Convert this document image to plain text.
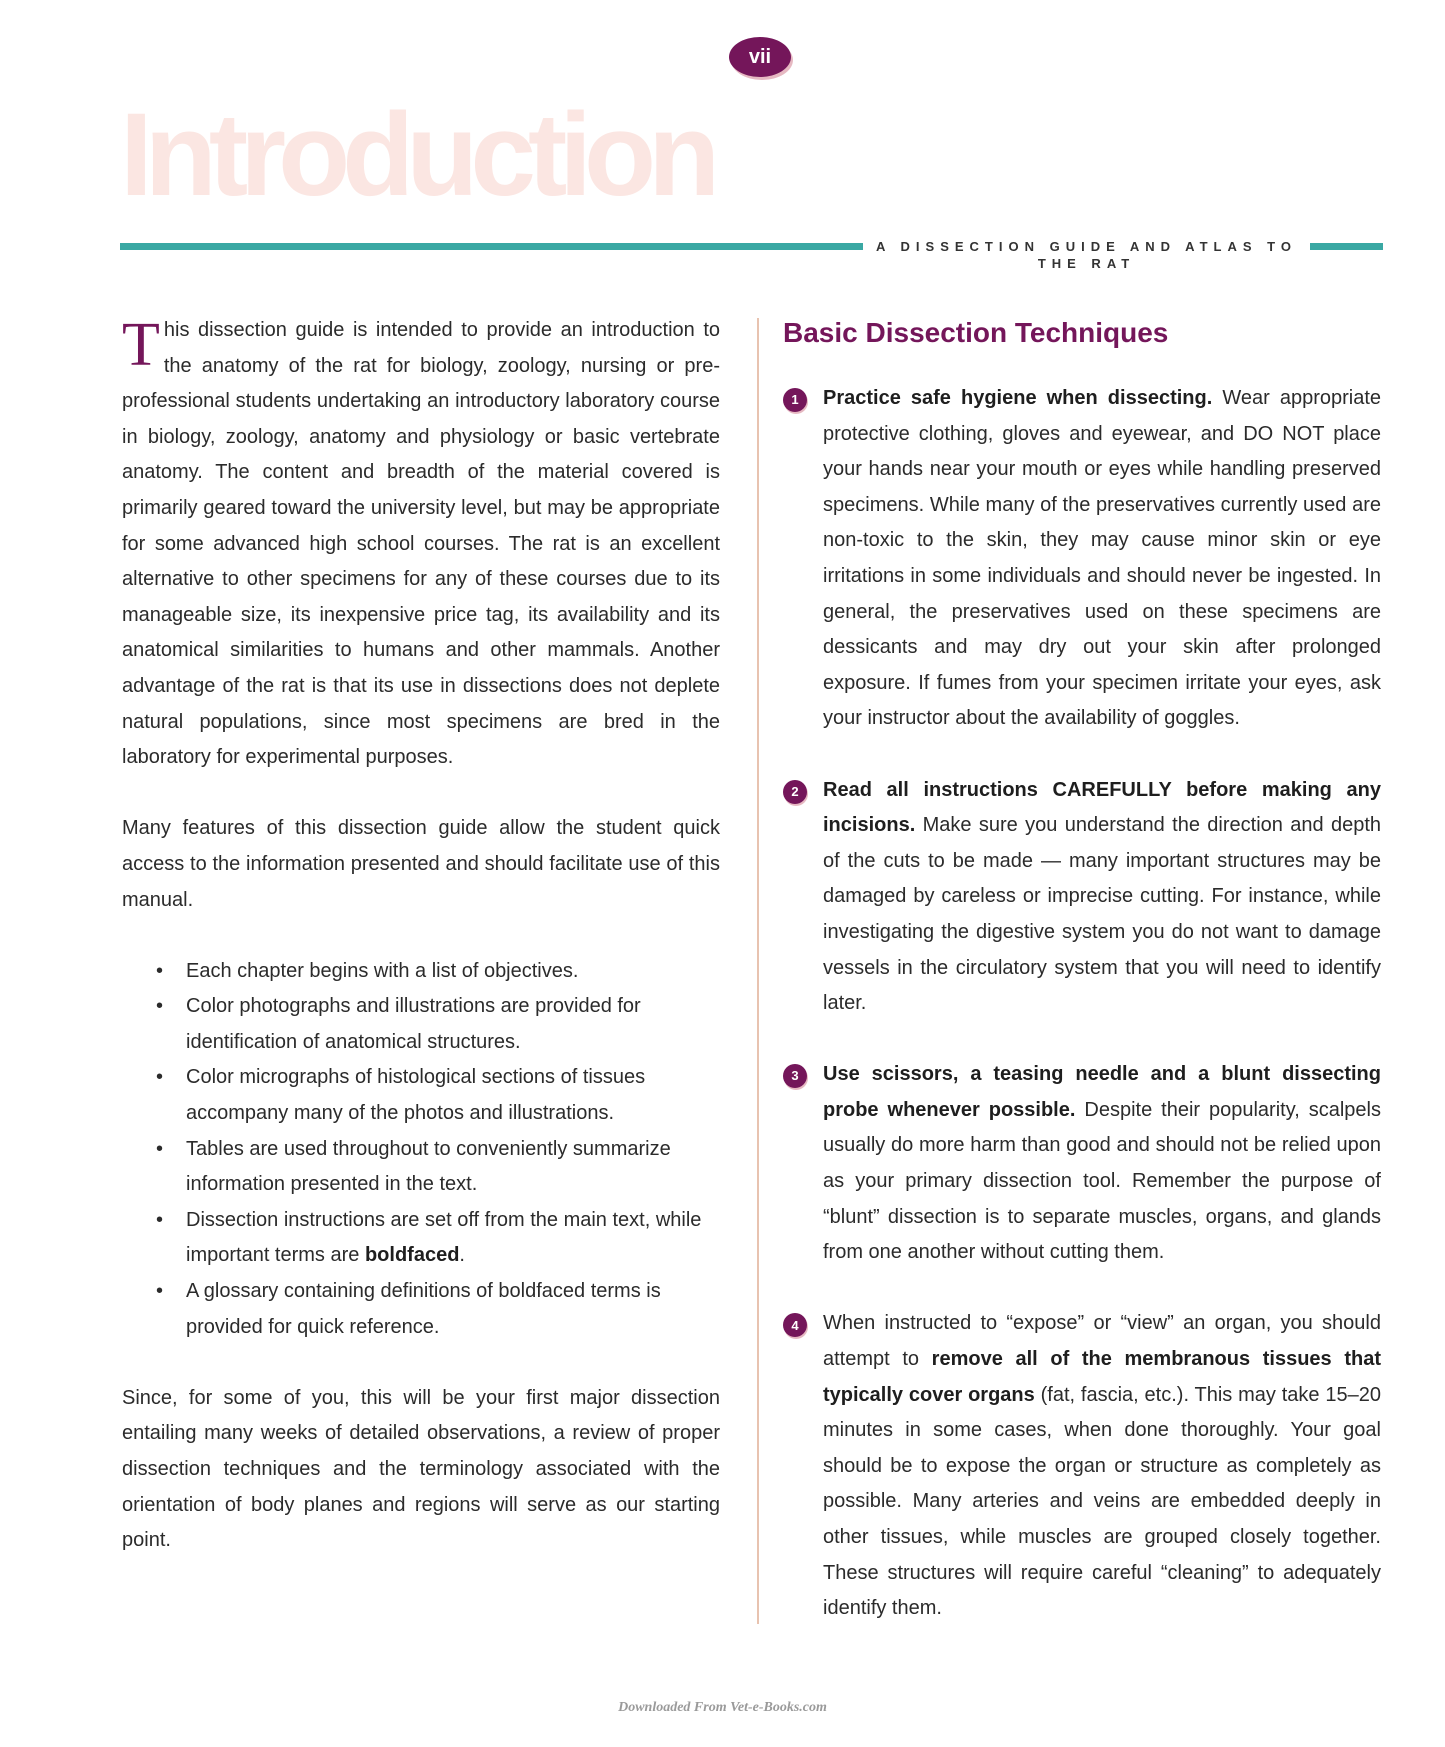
vii
Introduction
A DISSECTION GUIDE AND ATLAS TO THE RAT

This dissection guide is intended to provide an introduction to the anatomy of the rat for biology, zoology, nursing or pre-professional students undertaking an introductory laboratory course in biology, zoology, anatomy and physiology or basic vertebrate anatomy. The content and breadth of the material covered is primarily geared toward the university level, but may be appropriate for some advanced high school courses. The rat is an excellent alternative to other specimens for any of these courses due to its manageable size, its inexpensive price tag, its availability and its anatomical similarities to humans and other mammals. Another advantage of the rat is that its use in dissections does not deplete natural populations, since most specimens are bred in the laboratory for experimental purposes.

Many features of this dissection guide allow the student quick access to the information presented and should facilitate use of this manual.

• Each chapter begins with a list of objectives.
• Color photographs and illustrations are provided for identification of anatomical structures.
• Color micrographs of histological sections of tissues accompany many of the photos and illustrations.
• Tables are used throughout to conveniently summarize information presented in the text.
• Dissection instructions are set off from the main text, while important terms are boldfaced.
• A glossary containing definitions of boldfaced terms is provided for quick reference.

Since, for some of you, this will be your first major dissection entailing many weeks of detailed observations, a review of proper dissection techniques and the terminology associated with the orientation of body planes and regions will serve as our starting point.

Basic Dissection Techniques
1	Practice safe hygiene when dissecting. Wear appropriate protective clothing, gloves and eyewear, and DO NOT place your hands near your mouth or eyes while handling preserved specimens. While many of the preservatives currently used are non-toxic to the skin, they may cause minor skin or eye irritations in some individuals and should never be ingested. In general, the preservatives used on these specimens are dessicants and may dry out your skin after prolonged exposure. If fumes from your specimen irritate your eyes, ask your instructor about the availability of goggles.
2	Read all instructions CAREFULLY before making any incisions. Make sure you understand the direction and depth of the cuts to be made — many important structures may be damaged by careless or imprecise cutting. For instance, while investigating the digestive system you do not want to damage vessels in the circulatory system that you will need to identify later.
3	Use scissors, a teasing needle and a blunt dissecting probe whenever possible. Despite their popularity, scalpels usually do more harm than good and should not be relied upon as your primary dissection tool. Remember the purpose of “blunt” dissection is to separate muscles, organs, and glands from one another without cutting them.
4	When instructed to “expose” or “view” an organ, you should attempt to remove all of the membranous tissues that typically cover organs (fat, fascia, etc.). This may take 15–20 minutes in some cases, when done thoroughly. Your goal should be to expose the organ or structure as completely as possible. Many arteries and veins are embedded deeply in other tissues, while muscles are grouped closely together. These structures will require careful “cleaning” to adequately identify them.
Downloaded From Vet-e-Books.com
